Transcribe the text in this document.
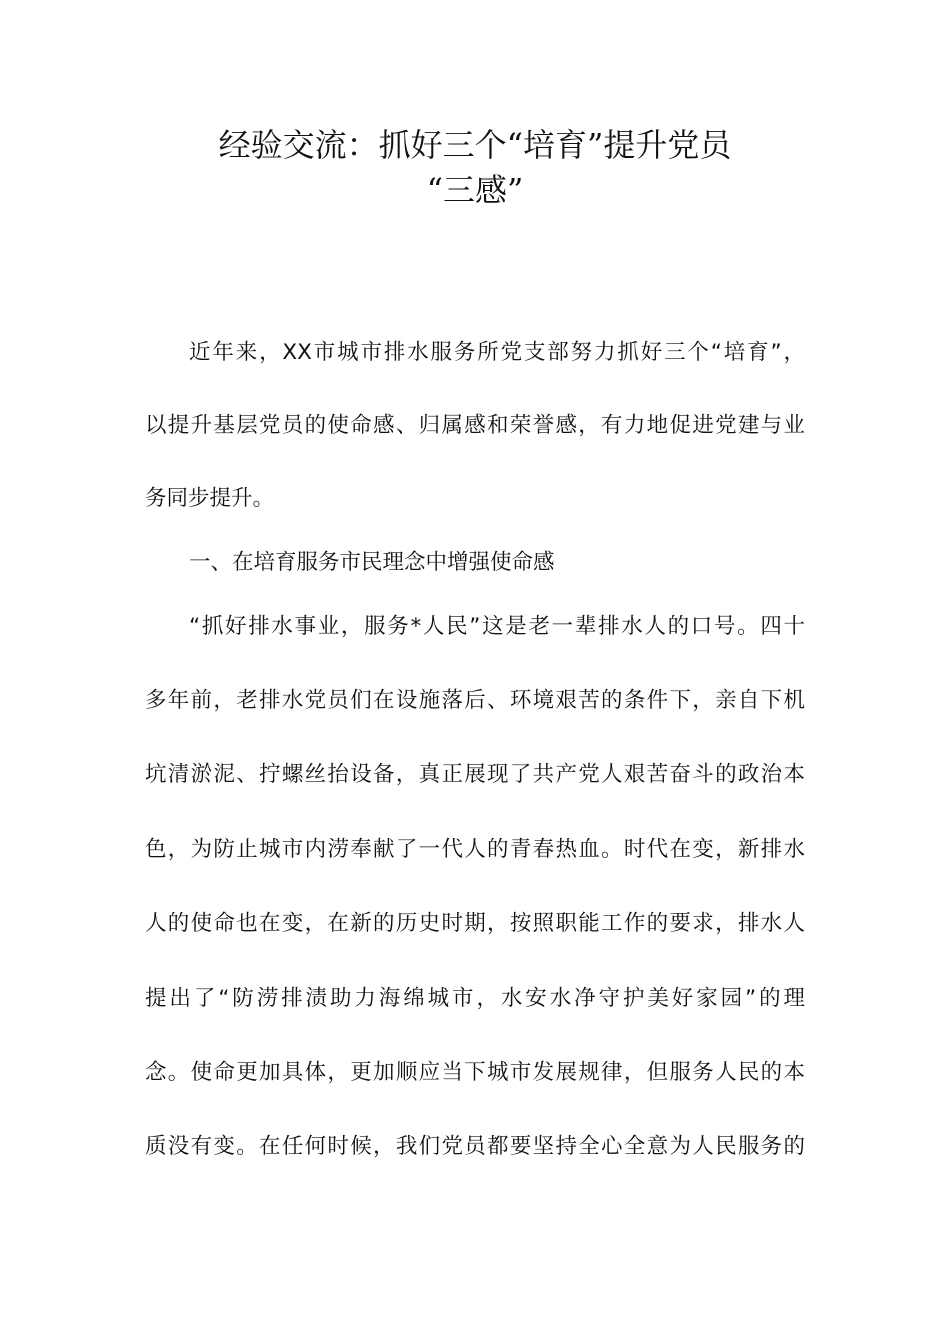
经验交流：抓好三个“培育”提升党员
“三感”
近年来，XX市城市排水服务所党支部努力抓好三个“培育”，
以提升基层党员的使命感、归属感和荣誉感，有力地促进党建与业
务同步提升。
一、在培育服务市民理念中增强使命感
“抓好排水事业，服务*人民”这是老一辈排水人的口号。四十
多年前，老排水党员们在设施落后、环境艰苦的条件下，亲自下机
坑清淤泥、拧螺丝抬设备，真正展现了共产党人艰苦奋斗的政治本
色，为防止城市内涝奉献了一代人的青春热血。时代在变，新排水
人的使命也在变，在新的历史时期，按照职能工作的要求，排水人
提出了“防涝排渍助力海绵城市，水安水净守护美好家园”的理
念。使命更加具体，更加顺应当下城市发展规律，但服务人民的本
质没有变。在任何时候，我们党员都要坚持全心全意为人民服务的
